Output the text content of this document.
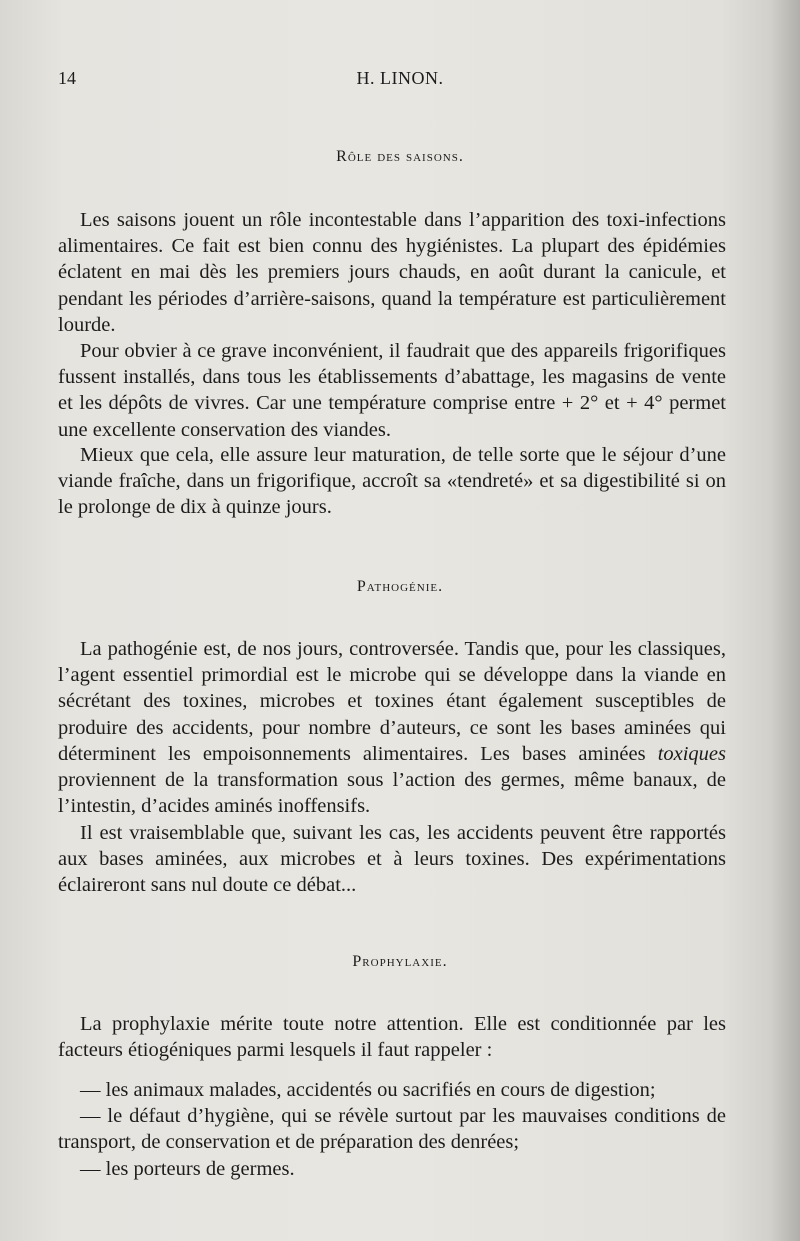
14	H. LINON.
Rôle des saisons.

Les saisons jouent un rôle incontestable dans l’apparition des toxi-infections alimentaires. Ce fait est bien connu des hygiénistes. La plupart des épidémies éclatent en mai dès les premiers jours chauds, en août durant la canicule, et pendant les périodes d’arrière-saisons, quand la température est particulièrement lourde.

Pour obvier à ce grave inconvénient, il faudrait que des appareils frigorifiques fussent installés, dans tous les établissements d’abattage, les magasins de vente et les dépôts de vivres. Car une température comprise entre + 2° et + 4° permet une excellente conservation des viandes.

Mieux que cela, elle assure leur maturation, de telle sorte que le séjour d’une viande fraîche, dans un frigorifique, accroît sa «tendreté» et sa digestibilité si on le prolonge de dix à quinze jours.

Pathogénie.

La pathogénie est, de nos jours, controversée. Tandis que, pour les classiques, l’agent essentiel primordial est le microbe qui se développe dans la viande en sécrétant des toxines, microbes et toxines étant également susceptibles de produire des accidents, pour nombre d’auteurs, ce sont les bases aminées qui déterminent les empoisonnements alimentaires. Les bases aminées toxiques proviennent de la transformation sous l’action des germes, même banaux, de l’intestin, d’acides aminés inoffensifs.

Il est vraisemblable que, suivant les cas, les accidents peuvent être rapportés aux bases aminées, aux microbes et à leurs toxines. Des expérimentations éclaireront sans nul doute ce débat...

Prophylaxie.

La prophylaxie mérite toute notre attention. Elle est conditionnée par les facteurs étiogéniques parmi lesquels il faut rappeler :

— les animaux malades, accidentés ou sacrifiés en cours de digestion;
— le défaut d’hygiène, qui se révèle surtout par les mauvaises conditions de transport, de conservation et de préparation des denrées;
— les porteurs de germes.
